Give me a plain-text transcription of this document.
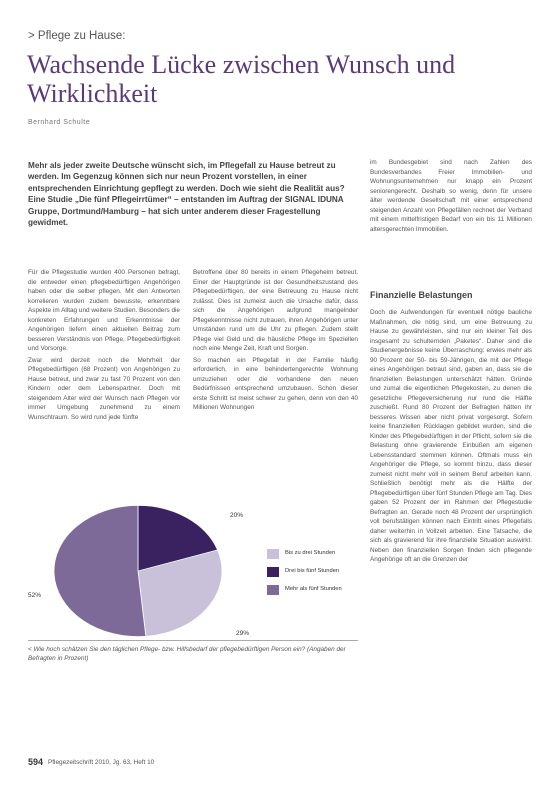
> Pflege zu Hause:
Wachsende Lücke zwischen Wunsch und Wirklichkeit
Bernhard Schulte
Mehr als jeder zweite Deutsche wünscht sich, im Pflegefall zu Hause betreut zu werden. Im Gegenzug können sich nur neun Prozent vorstellen, in einer entsprechenden Einrichtung gepflegt zu werden. Doch wie sieht die Realität aus? Eine Studie „Die fünf Pflegeirrtümer“ – entstanden im Auftrag der SIGNAL IDUNA Gruppe, Dortmund/Hamburg – hat sich unter anderem dieser Fragestellung gewidmet.

Für die Pflegestudie wurden 400 Personen befragt, die entweder einen pflegebedürftigen Angehörigen haben oder die selber pflegen. Mit den Antworten korrelieren wurden zudem bewusste, erkennbare Aspekte im Alltag und weitere Studien. Besonders die konkreten Erfahrungen und Erkenntnisse der Angehörigen liefern einen aktuellen Beitrag zum besseren Verständnis von Pflege, Pflegebedürftigkeit und Vorsorge.

Zwar wird derzeit noch die Mehrheit der Pflegebedürftigen (68 Prozent) von Angehörigen zu Hause betreut, und zwar zu fast 70 Prozent von den Kindern oder dem Lebenspartner. Doch mit steigendem Alter wird der Wunsch nach Pflegen vor immer Umgebung zunehmend zu einem Wunschtraum. So wird rund jede fünfte

Betroffene über 80 bereits in einem Pflegeheim betreut. Einer der Hauptgründe ist der Gesundheitszustand des Pflegebedürftigen, der eine Betreuung zu Hause nicht zulässt. Dies ist zumeist auch die Ursache dafür, dass sich die Angehörigen aufgrund mangelnder Pflegekenntnisse nicht zutrauen, ihren Angehörigen unter Umständen rund um die Uhr zu pflegen. Zudem stellt Pflege viel Geld und die häusliche Pflege im Speziellen noch eine Menge Zeit, Kraft und Sorgen.

So machen ein Pflegefall in der Familie häufig erforderlich, in eine behindertengerechte Wohnung umzuziehen oder die vorhandene den neuen Bedürfnissen entsprechend umzubauen. Schon dieser erste Schritt ist meist schwer zu gehen, denn von den 40 Millionen Wohnungen

im Bundesgebiet sind nach Zahlen des Bundesverbandes Freier Immobilien- und Wohnungsunternehmen nur knapp ein Prozent seniorengerecht. Deshalb so wenig, denn für unsere älter werdende Gesellschaft mit einer entsprechend steigenden Anzahl von Pflegefällen rechnet der Verband mit einem mittelfristigen Bedarf von ein bis 11 Millionen altersgerechten Immobilien.

Finanzielle Belastungen

Doch die Aufwendungen für eventuell nötige bauliche Maßnahmen, die nötig sind, um eine Betreuung zu Hause zu gewährleisten, sind nur ein kleiner Teil des insgesamt zu schulternden „Paketes“. Daher sind die Studienergebnisse keine Überraschung: erwies mehr als 90 Prozent der 50- bis 59-Jährigen, die mit der Pflege eines Angehörigen betraut sind, gaben an, dass sie die finanziellen Belastungen unterschätzt hätten. Gründe und zumal die eigentlichen Pflegekosten, zu denen die gesetzliche Pflegeversicherung nur rund die Hälfte zuschießt. Rund 80 Prozent der Befragten hätten ihr besseres Wissen aber nicht privat vorgesorgt. Sofern keine finanziellen Rücklagen gebildet wurden, sind die Kinder des Pflegebedürftigen in der Pflicht, sofern sie die Belastung ohne gravierende Einbußen am eigenen Lebensstandard stemmen können. Oftmals muss ein Angehöriger die Pflege, so kommt hinzu, dass dieser zumeist nicht mehr voll in seinem Beruf arbeiten kann. Schließlich benötigt mehr als die Hälfte der Pflegebedürftigen über fünf Stunden Pflege am Tag. Dies gaben 52 Prozent der im Rahmen der Pflegestudie Befragten an. Gerade noch 48 Prozent der ursprünglich voll berufstätigen können nach Eintritt eines Pflegefalls daher weiterhin in Vollzeit arbeiten. Eine Tatsache, die sich als gravierend für ihre finanzielle Situation auswirkt. Neben den finanziellen Sorgen finden sich pflegende Angehörige oft an die Grenzen der

20%
29%
52%
Bis zu drei Stunden
Drei bis fünf Stunden
Mehr als fünf Stunden
< Wie hoch schätzen Sie den täglichen Pflege- bzw. Hilfsbedarf der pflegebedürftigen Person ein? (Angaben der Befragten in Prozent)
594 Pflegezeitschrift 2010, Jg. 63, Heft 10
